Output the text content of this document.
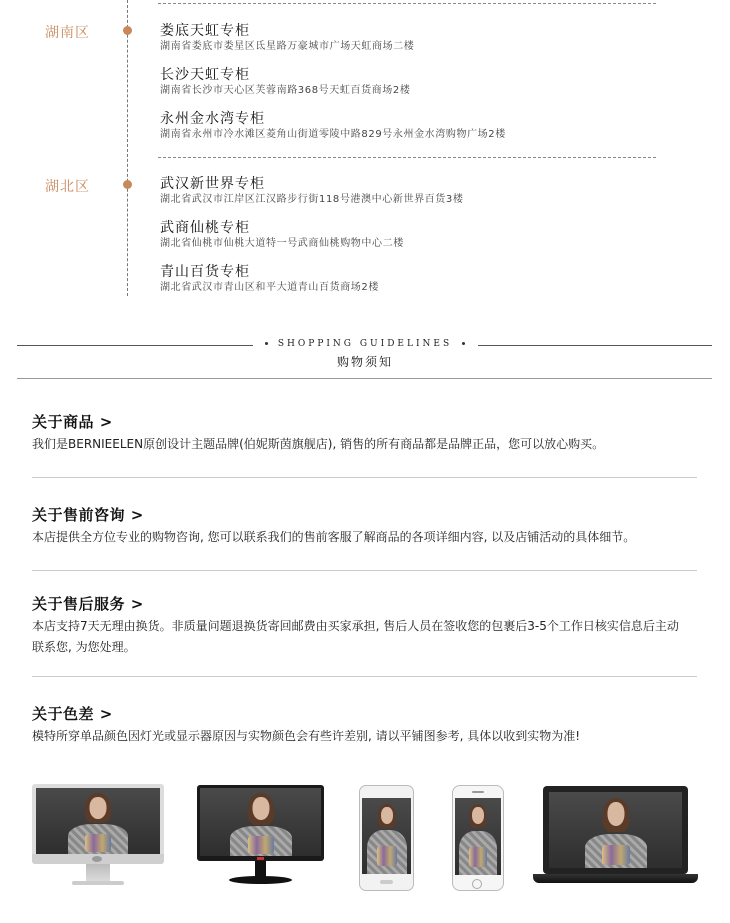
湖南区	娄底天虹专柜
湖南省娄底市娄星区氐星路万豪城市广场天虹商场二楼
长沙天虹专柜
湖南省长沙市天心区芙蓉南路368号天虹百货商场2楼
永州金水湾专柜
湖南省永州市冷水滩区菱角山街道零陵中路829号永州金水湾购物广场2楼
湖北区	武汉新世界专柜
湖北省武汉市江岸区江汉路步行街118号港澳中心新世界百货3楼
武商仙桃专柜
湖北省仙桃市仙桃大道特一号武商仙桃购物中心二楼
青山百货专柜
湖北省武汉市青山区和平大道青山百货商场2楼
SHOPPING GUIDELINES
购物须知
关于商品 >
我们是BERNIEELEN原创设计主题品牌(伯妮斯茵旗舰店), 销售的所有商品都是品牌正品，您可以放心购买。
关于售前咨询 >
本店提供全方位专业的购物咨询, 您可以联系我们的售前客服了解商品的各项详细内容, 以及店铺活动的具体细节。
关于售后服务 >
本店支持7天无理由换货。非质量问题退换货寄回邮费由买家承担, 售后人员在签收您的包裹后3-5个工作日核实信息后主动联系您, 为您处理。
关于色差 >
模特所穿单品颜色因灯光或显示器原因与实物颜色会有些许差别, 请以平铺图参考, 具体以收到实物为准!
